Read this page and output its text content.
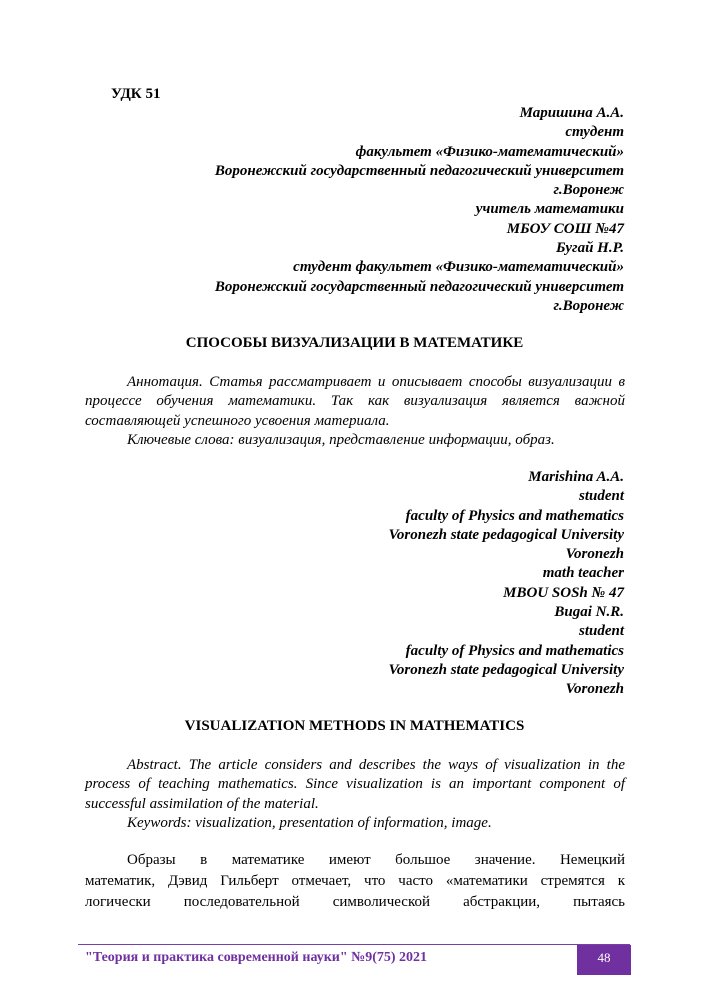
УДК 51
Маришина А.А.
студент
факультет «Физико-математический»
Воронежский государственный педагогический университет
г.Воронеж
учитель математики
МБОУ СОШ №47
Бугай Н.Р.
студент факультет «Физико-математический»
Воронежский государственный педагогический университет
г.Воронеж
СПОСОБЫ ВИЗУАЛИЗАЦИИ В МАТЕМАТИКЕ

Аннотация. Статья рассматривает и описывает способы визуализации в процессе обучения математики. Так как визуализация является важной составляющей успешного усвоения материала.

Ключевые слова: визуализация, представление информации, образ.

Marishina A.A.
student
faculty of Physics and mathematics
Voronezh state pedagogical University
Voronezh
math teacher
MBOU SOSh № 47
Bugai N.R.
student
faculty of Physics and mathematics
Voronezh state pedagogical University
Voronezh
VISUALIZATION METHODS IN MATHEMATICS

Abstract. The article considers and describes the ways of visualization in the process of teaching mathematics. Since visualization is an important component of successful assimilation of the material.

Keywords: visualization, presentation of information, image.

Образы в математике имеют большое значение. Немецкий

математик, Дэвид Гильберт отмечает, что часто «математики стремятся к

логически последовательной символической абстракции, пытаясь

"Теория и практика современной науки" №9(75) 2021	48
